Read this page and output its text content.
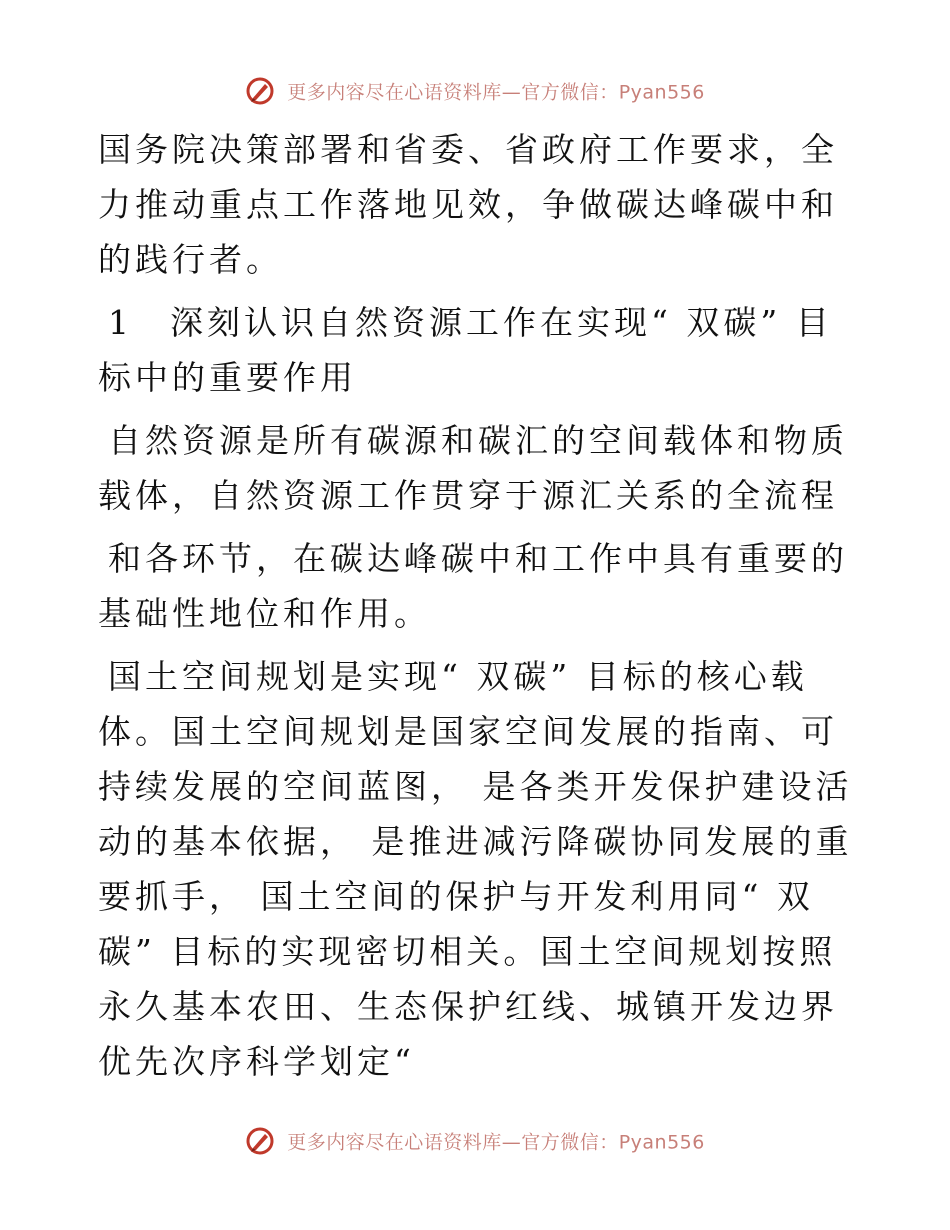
更多内容尽在心语资料库—官方微信：Pyan556

国务院决策部署和省委、省政府工作要求，全力推动重点工作落地见效，争做碳达峰碳中和的践行者。

1　深刻认识自然资源工作在实现“ 双碳” 目标中的重要作用

自然资源是所有碳源和碳汇的空间载体和物质载体，自然资源工作贯穿于源汇关系的全流程

和各环节，在碳达峰碳中和工作中具有重要的基础性地位和作用。

国土空间规划是实现“ 双碳” 目标的核心载体。国土空间规划是国家空间发展的指南、可持续发展的空间蓝图， 是各类开发保护建设活动的基本依据， 是推进减污降碳协同发展的重要抓手， 国土空间的保护与开发利用同“ 双碳” 目标的实现密切相关。国土空间规划按照永久基本农田、生态保护红线、城镇开发边界优先次序科学划定“

更多内容尽在心语资料库—官方微信：Pyan556
